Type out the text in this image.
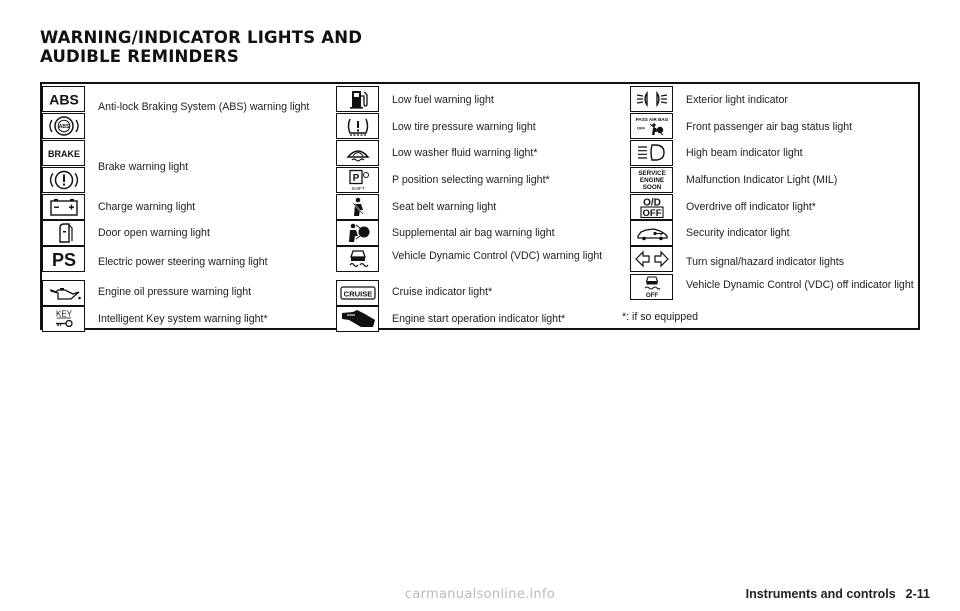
WARNING/INDICATOR LIGHTS AND
AUDIBLE REMINDERS
ABS Anti-lock Braking System (ABS) warning light
ABS
BRAKE
Brake warning light
Charge warning light
Door open warning light
PS Electric power steering warning light
Engine oil pressure warning light
KEY Intelligent Key system warning light*
Low fuel warning light
Low tire pressure warning light
Low washer fluid warning light*
P
SHIFT
P position selecting warning light*
Seat belt warning light
Supplemental air bag warning light
Vehicle Dynamic Control (VDC) warning light
CRUISE Cruise indicator light*
Engine start operation indicator light*
Exterior light indicator
PASS AIR BAG
OFF	Front passenger air bag status light
High beam indicator light
SERVICE
ENGINE
SOON
Malfunction Indicator Light (MIL)
O/D
OFF
Overdrive off indicator light*
Security indicator light
Turn signal/hazard indicator lights
OFF
Vehicle Dynamic Control (VDC) off indicator light
*: if so equipped
carmanualsonline.info	Instruments and controls 2-11
